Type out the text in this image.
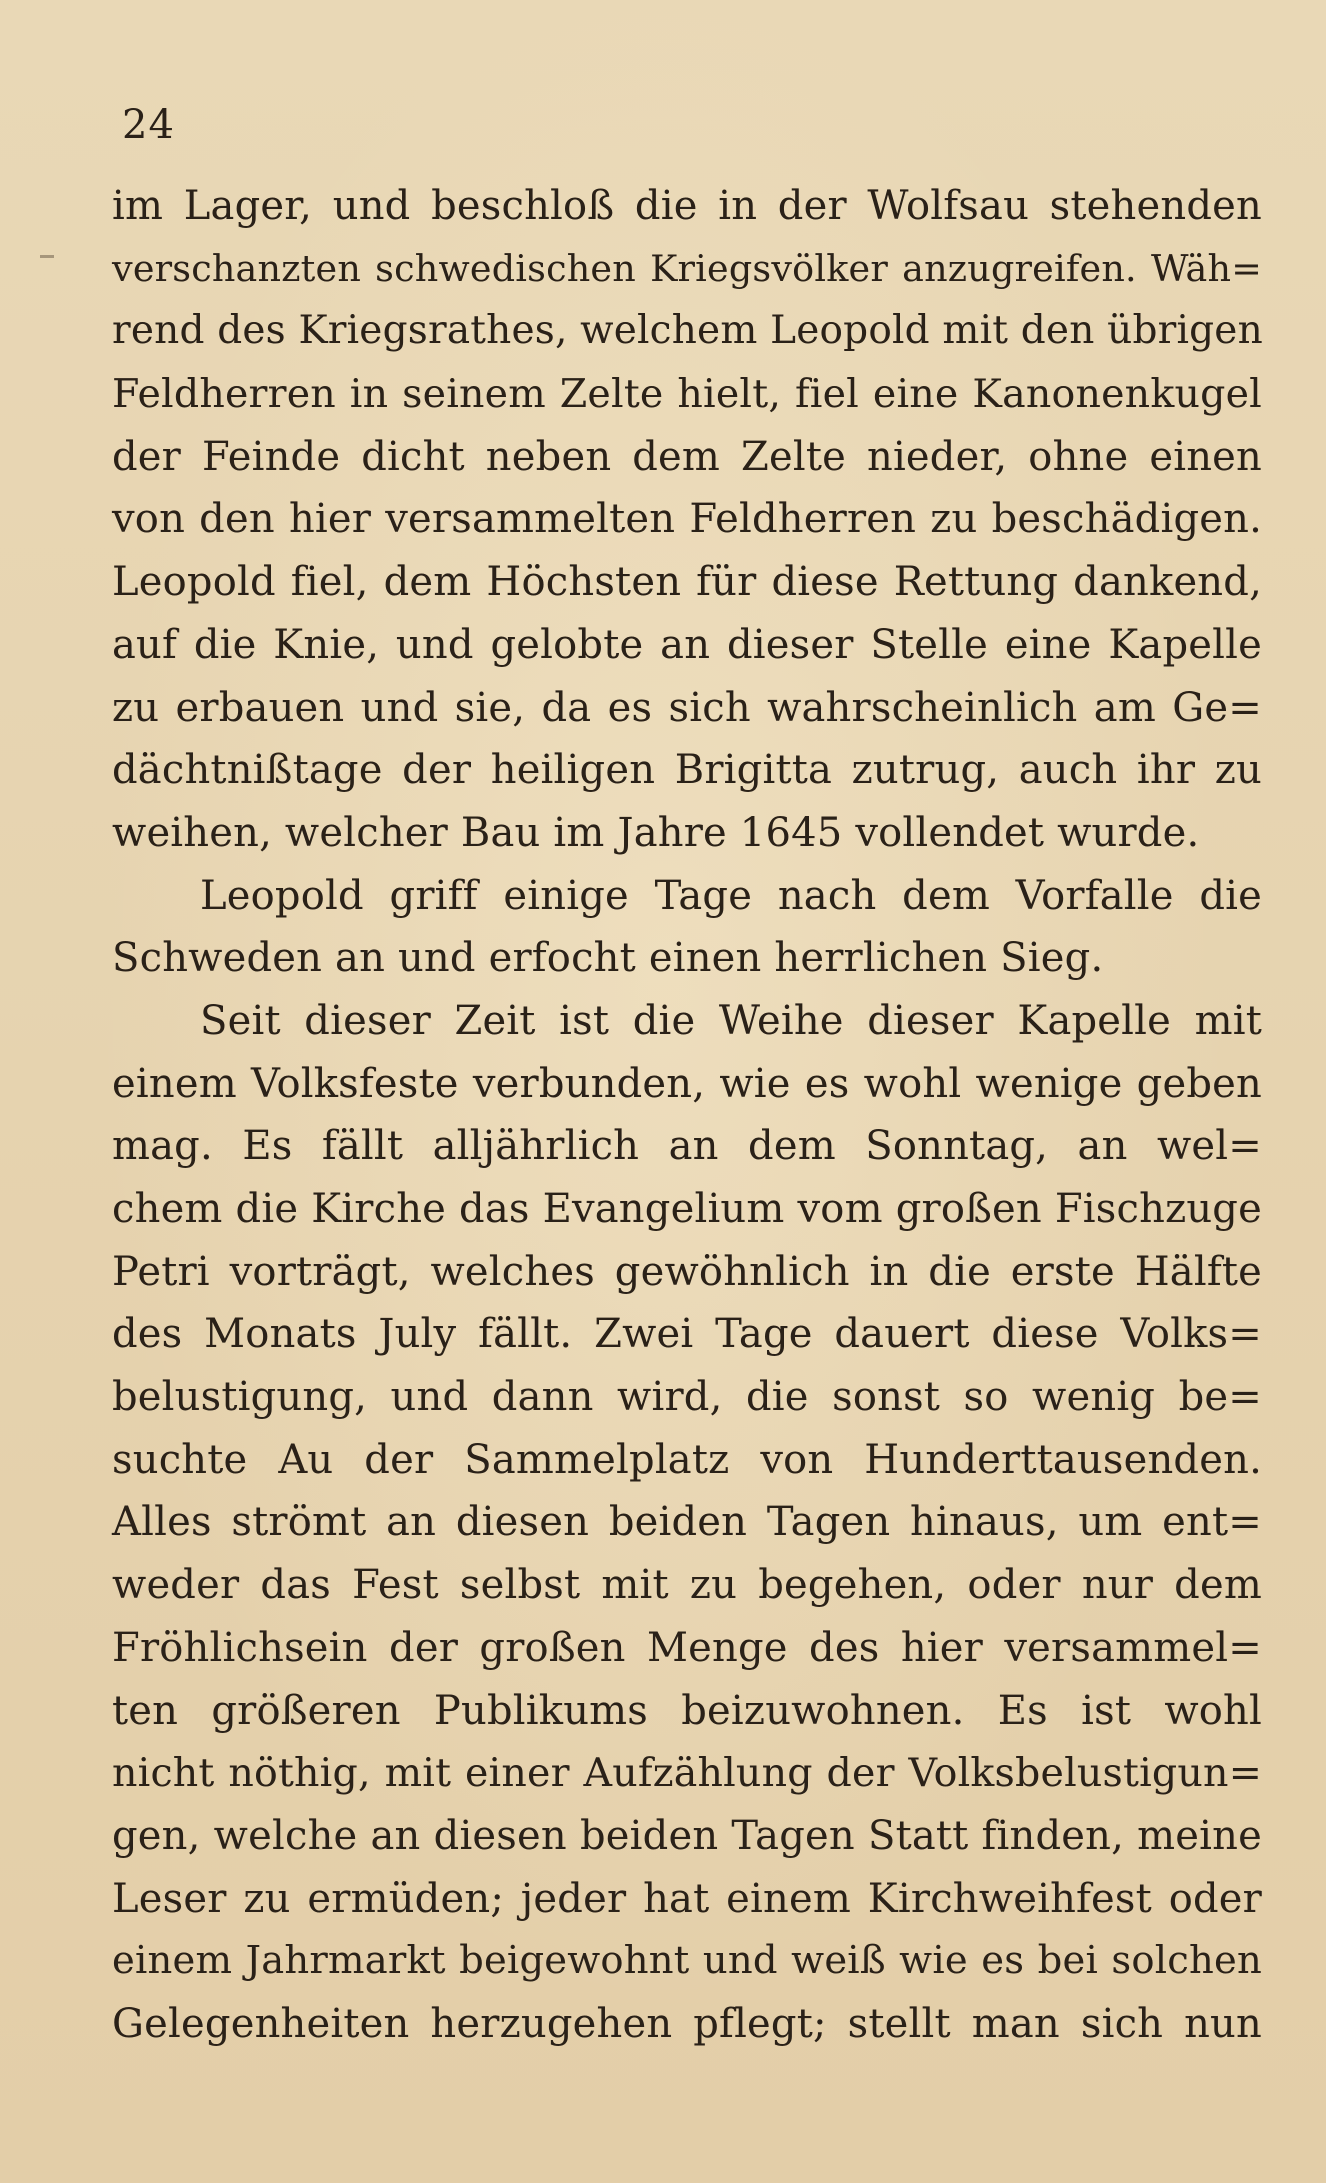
24
im Lager, und beschloß die in der Wolfsau stehenden
verschanzten schwedischen Kriegsvölker anzugreifen. Wäh=
rend des Kriegsrathes, welchem Leopold mit den übrigen
Feldherren in seinem Zelte hielt, fiel eine Kanonenkugel
der Feinde dicht neben dem Zelte nieder, ohne einen
von den hier versammelten Feldherren zu beschädigen.
Leopold fiel, dem Höchsten für diese Rettung dankend,
auf die Knie, und gelobte an dieser Stelle eine Kapelle
zu erbauen und sie, da es sich wahrscheinlich am Ge=
dächtnißtage der heiligen Brigitta zutrug, auch ihr zu
weihen, welcher Bau im Jahre 1645 vollendet wurde.
Leopold griff einige Tage nach dem Vorfalle die
Schweden an und erfocht einen herrlichen Sieg.
Seit dieser Zeit ist die Weihe dieser Kapelle mit
einem Volksfeste verbunden, wie es wohl wenige geben
mag. Es fällt alljährlich an dem Sonntag, an wel=
chem die Kirche das Evangelium vom großen Fischzuge
Petri vorträgt, welches gewöhnlich in die erste Hälfte
des Monats July fällt. Zwei Tage dauert diese Volks=
belustigung, und dann wird, die sonst so wenig be=
suchte Au der Sammelplatz von Hunderttausenden.
Alles strömt an diesen beiden Tagen hinaus, um ent=
weder das Fest selbst mit zu begehen, oder nur dem
Fröhlichsein der großen Menge des hier versammel=
ten größeren Publikums beizuwohnen. Es ist wohl
nicht nöthig, mit einer Aufzählung der Volksbelustigun=
gen, welche an diesen beiden Tagen Statt finden, meine
Leser zu ermüden; jeder hat einem Kirchweihfest oder
einem Jahrmarkt beigewohnt und weiß wie es bei solchen
Gelegenheiten herzugehen pflegt; stellt man sich nun
